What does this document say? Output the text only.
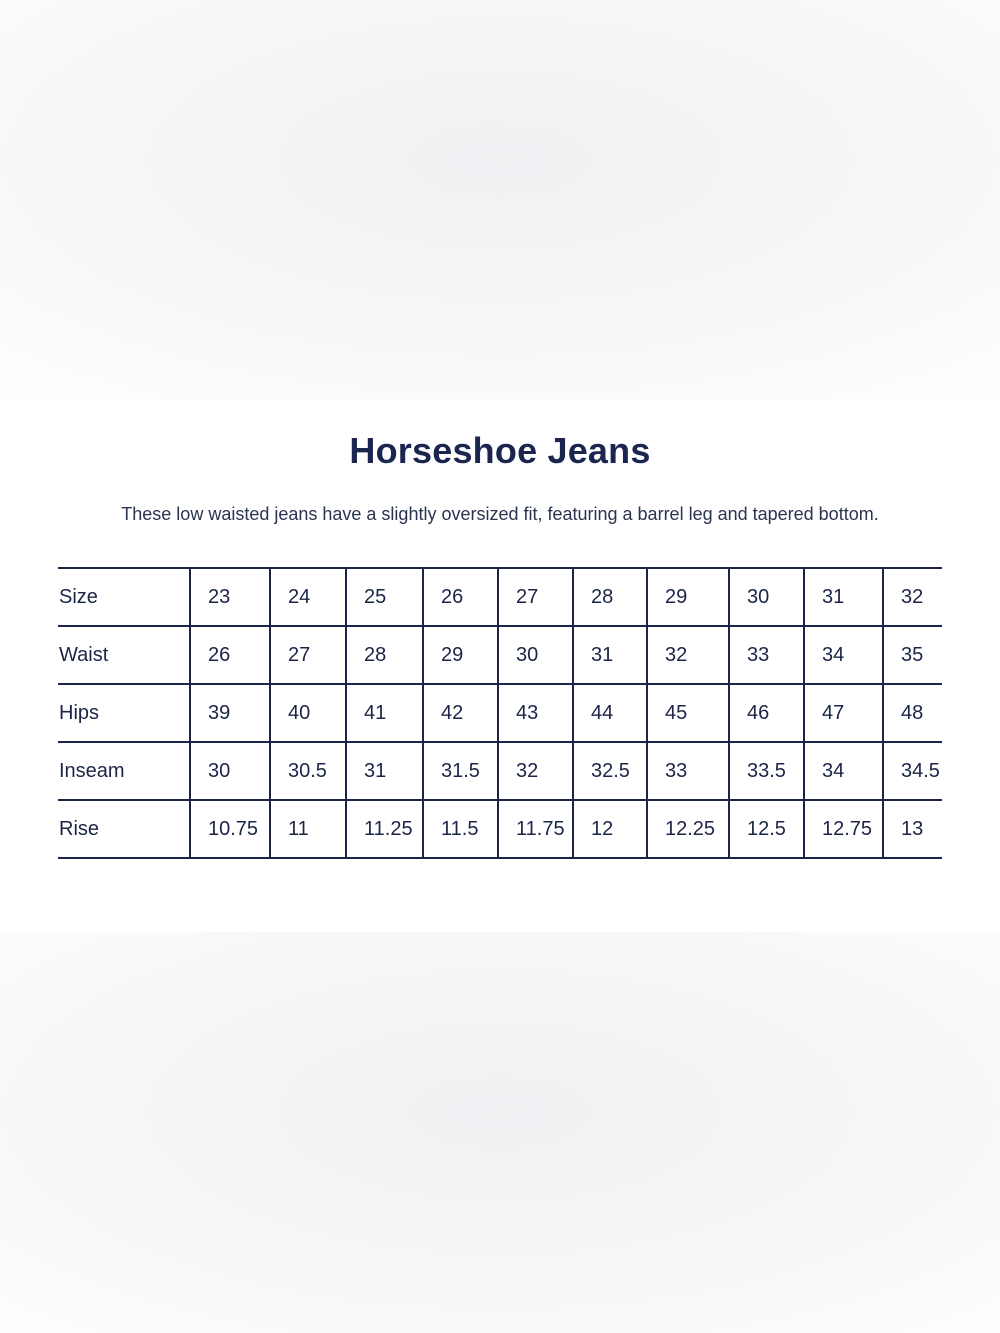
Horseshoe Jeans
These low waisted jeans have a slightly oversized fit, featuring a barrel leg and tapered bottom.
Size	23	24	25	26	27	28	29	30	31	32
Waist	26	27	28	29	30	31	32	33	34	35
Hips	39	40	41	42	43	44	45	46	47	48
Inseam	30	30.5	31	31.5	32	32.5	33	33.5	34	34.5
Rise	10.75	11	11.25	11.5	11.75	12	12.25	12.5	12.75	13
